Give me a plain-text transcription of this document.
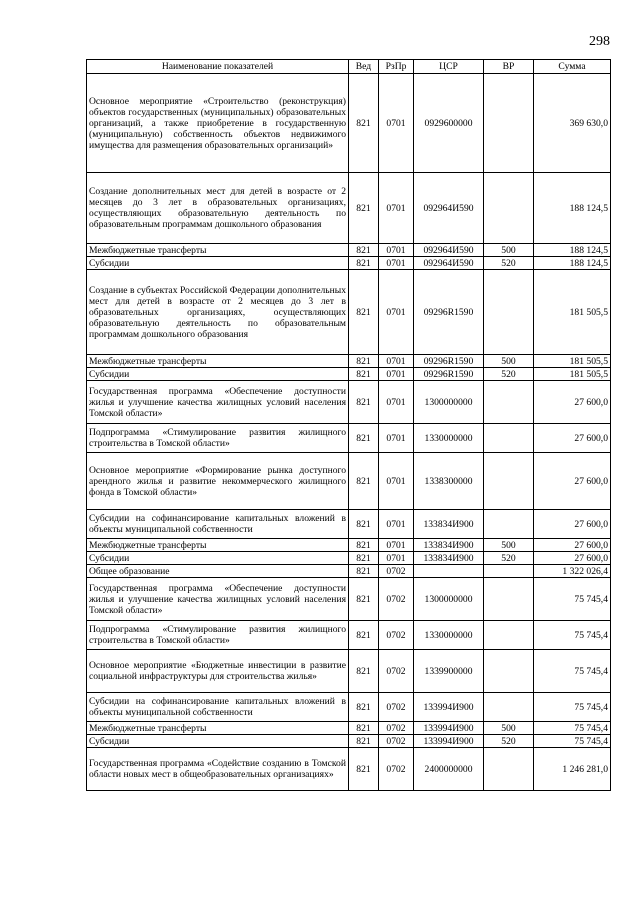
298
Наименование показателей	Вед	РзПр	ЦСР	ВР	Сумма
Основное мероприятие «Строительство (реконструкция) объектов государственных (муниципальных) образовательных организаций, а также приобретение в государственную (муниципальную) собственность объектов недвижимого имущества для размещения образовательных организаций»	821	0701	0929600000		369 630,0
Создание дополнительных мест для детей в возрасте от 2 месяцев до 3 лет в образовательных организациях, осуществляющих образовательную деятельность по образовательным программам дошкольного образования	821	0701	092964И590		188 124,5
Межбюджетные трансферты	821	0701	092964И590	500	188 124,5
Субсидии	821	0701	092964И590	520	188 124,5
Создание в субъектах Российской Федерации дополнительных мест для детей в возрасте от 2 месяцев до 3 лет в образовательных организациях, осуществляющих образовательную деятельность по образовательным программам дошкольного образования	821	0701	09296R1590		181 505,5
Межбюджетные трансферты	821	0701	09296R1590	500	181 505,5
Субсидии	821	0701	09296R1590	520	181 505,5
Государственная программа «Обеспечение доступности жилья и улучшение качества жилищных условий населения Томской области»	821	0701	1300000000		27 600,0
Подпрограмма «Стимулирование развития жилищного строительства в Томской области»	821	0701	1330000000		27 600,0
Основное мероприятие «Формирование рынка доступного арендного жилья и развитие некоммерческого жилищного фонда в Томской области»	821	0701	1338300000		27 600,0
Субсидии на софинансирование капитальных вложений в объекты муниципальной собственности	821	0701	133834И900		27 600,0
Межбюджетные трансферты	821	0701	133834И900	500	27 600,0
Субсидии	821	0701	133834И900	520	27 600,0
Общее образование	821	0702			1 322 026,4
Государственная программа «Обеспечение доступности жилья и улучшение качества жилищных условий населения Томской области»	821	0702	1300000000		75 745,4
Подпрограмма «Стимулирование развития жилищного строительства в Томской области»	821	0702	1330000000		75 745,4
Основное мероприятие «Бюджетные инвестиции в развитие социальной инфраструктуры для строительства жилья»	821	0702	1339900000		75 745,4
Субсидии на софинансирование капитальных вложений в объекты муниципальной собственности	821	0702	133994И900		75 745,4
Межбюджетные трансферты	821	0702	133994И900	500	75 745,4
Субсидии	821	0702	133994И900	520	75 745,4
Государственная программа «Содействие созданию в Томской области новых мест в общеобразовательных организациях»	821	0702	2400000000		1 246 281,0
